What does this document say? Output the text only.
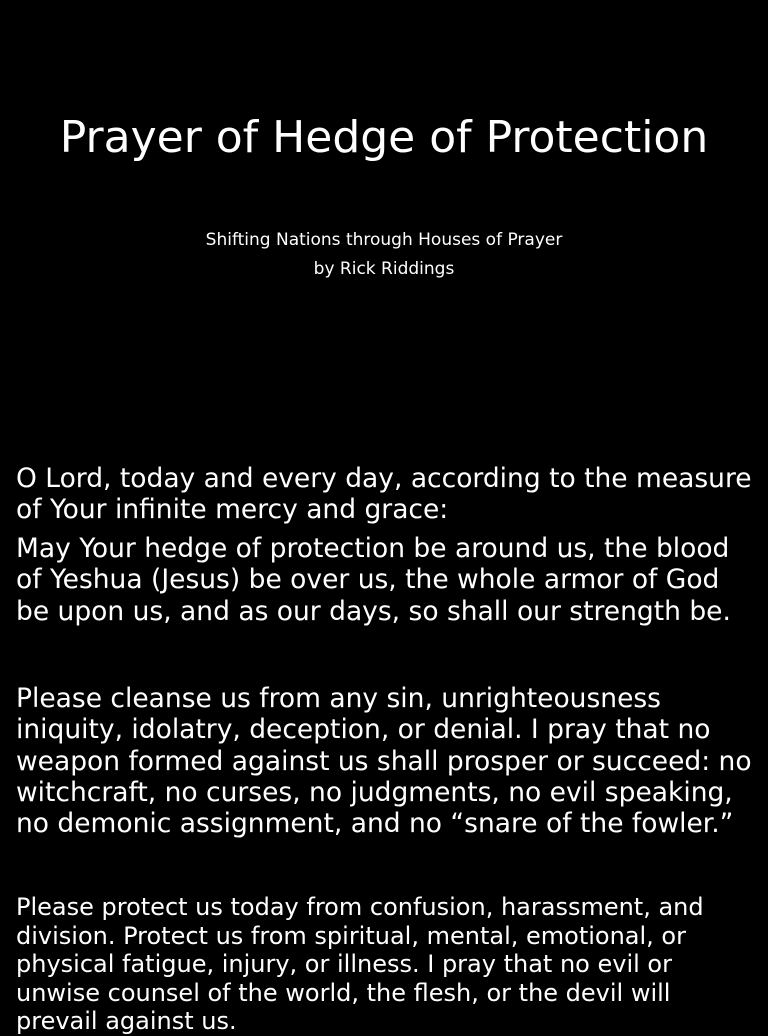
Prayer of Hedge of Protection

Shifting Nations through Houses of Prayer

by Rick Riddings

O Lord, today and every day, according to the measure of Your infinite mercy and grace:

May Your hedge of protection be around us, the blood of Yeshua (Jesus) be over us, the whole armor of God be upon us, and as our days, so shall our strength be.

Please cleanse us from any sin, unrighteousness iniquity, idolatry, deception, or denial. I pray that no weapon formed against us shall prosper or succeed: no witchcraft, no curses, no judgments, no evil speaking, no demonic assignment, and no “snare of the fowler.”

Please protect us today from confusion, harassment, and division. Protect us from spiritual, mental, emotional, or physical fatigue, injury, or illness. I pray that no evil or unwise counsel of the world, the flesh, or the devil will prevail against us.
